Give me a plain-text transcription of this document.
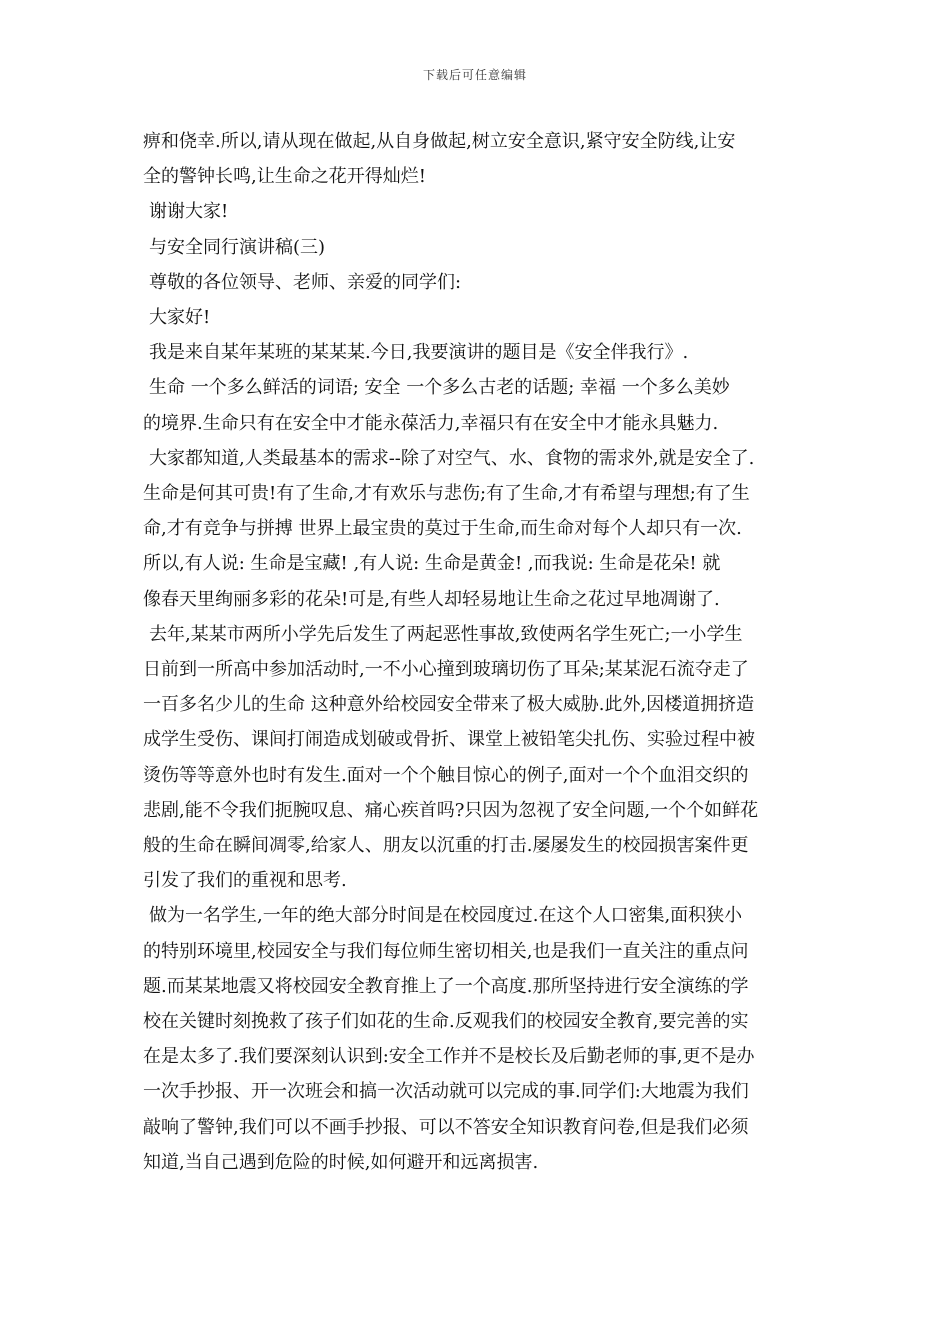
下载后可任意编辑

痹和侥幸.所以,请从现在做起,从自身做起,树立安全意识,紧守安全防线,让安

全的警钟长鸣,让生命之花开得灿烂!

谢谢大家!

与安全同行演讲稿(三)

尊敬的各位领导、老师、亲爱的同学们:

大家好!

我是来自某年某班的某某某.今日,我要演讲的题目是《安全伴我行》.

生命 一个多么鲜活的词语; 安全 一个多么古老的话题; 幸福 一个多么美妙

的境界.生命只有在安全中才能永葆活力,幸福只有在安全中才能永具魅力.

大家都知道,人类最基本的需求--除了对空气、水、食物的需求外,就是安全了.

生命是何其可贵!有了生命,才有欢乐与悲伤;有了生命,才有希望与理想;有了生

命,才有竞争与拼搏 世界上最宝贵的莫过于生命,而生命对每个人却只有一次.

所以,有人说: 生命是宝藏! ,有人说: 生命是黄金! ,而我说: 生命是花朵! 就

像春天里绚丽多彩的花朵!可是,有些人却轻易地让生命之花过早地凋谢了.

去年,某某市两所小学先后发生了两起恶性事故,致使两名学生死亡;一小学生

日前到一所高中参加活动时,一不小心撞到玻璃切伤了耳朵;某某泥石流夺走了

一百多名少儿的生命 这种意外给校园安全带来了极大威胁.此外,因楼道拥挤造

成学生受伤、课间打闹造成划破或骨折、课堂上被铅笔尖扎伤、实验过程中被

烫伤等等意外也时有发生.面对一个个触目惊心的例子,面对一个个血泪交织的

悲剧,能不令我们扼腕叹息、痛心疾首吗?只因为忽视了安全问题,一个个如鲜花

般的生命在瞬间凋零,给家人、朋友以沉重的打击.屡屡发生的校园损害案件更

引发了我们的重视和思考.

做为一名学生,一年的绝大部分时间是在校园度过.在这个人口密集,面积狭小

的特别环境里,校园安全与我们每位师生密切相关,也是我们一直关注的重点问

题.而某某地震又将校园安全教育推上了一个高度.那所坚持进行安全演练的学

校在关键时刻挽救了孩子们如花的生命.反观我们的校园安全教育,要完善的实

在是太多了.我们要深刻认识到:安全工作并不是校长及后勤老师的事,更不是办

一次手抄报、开一次班会和搞一次活动就可以完成的事.同学们:大地震为我们

敲响了警钟,我们可以不画手抄报、可以不答安全知识教育问卷,但是我们必须

知道,当自己遇到危险的时候,如何避开和远离损害.
